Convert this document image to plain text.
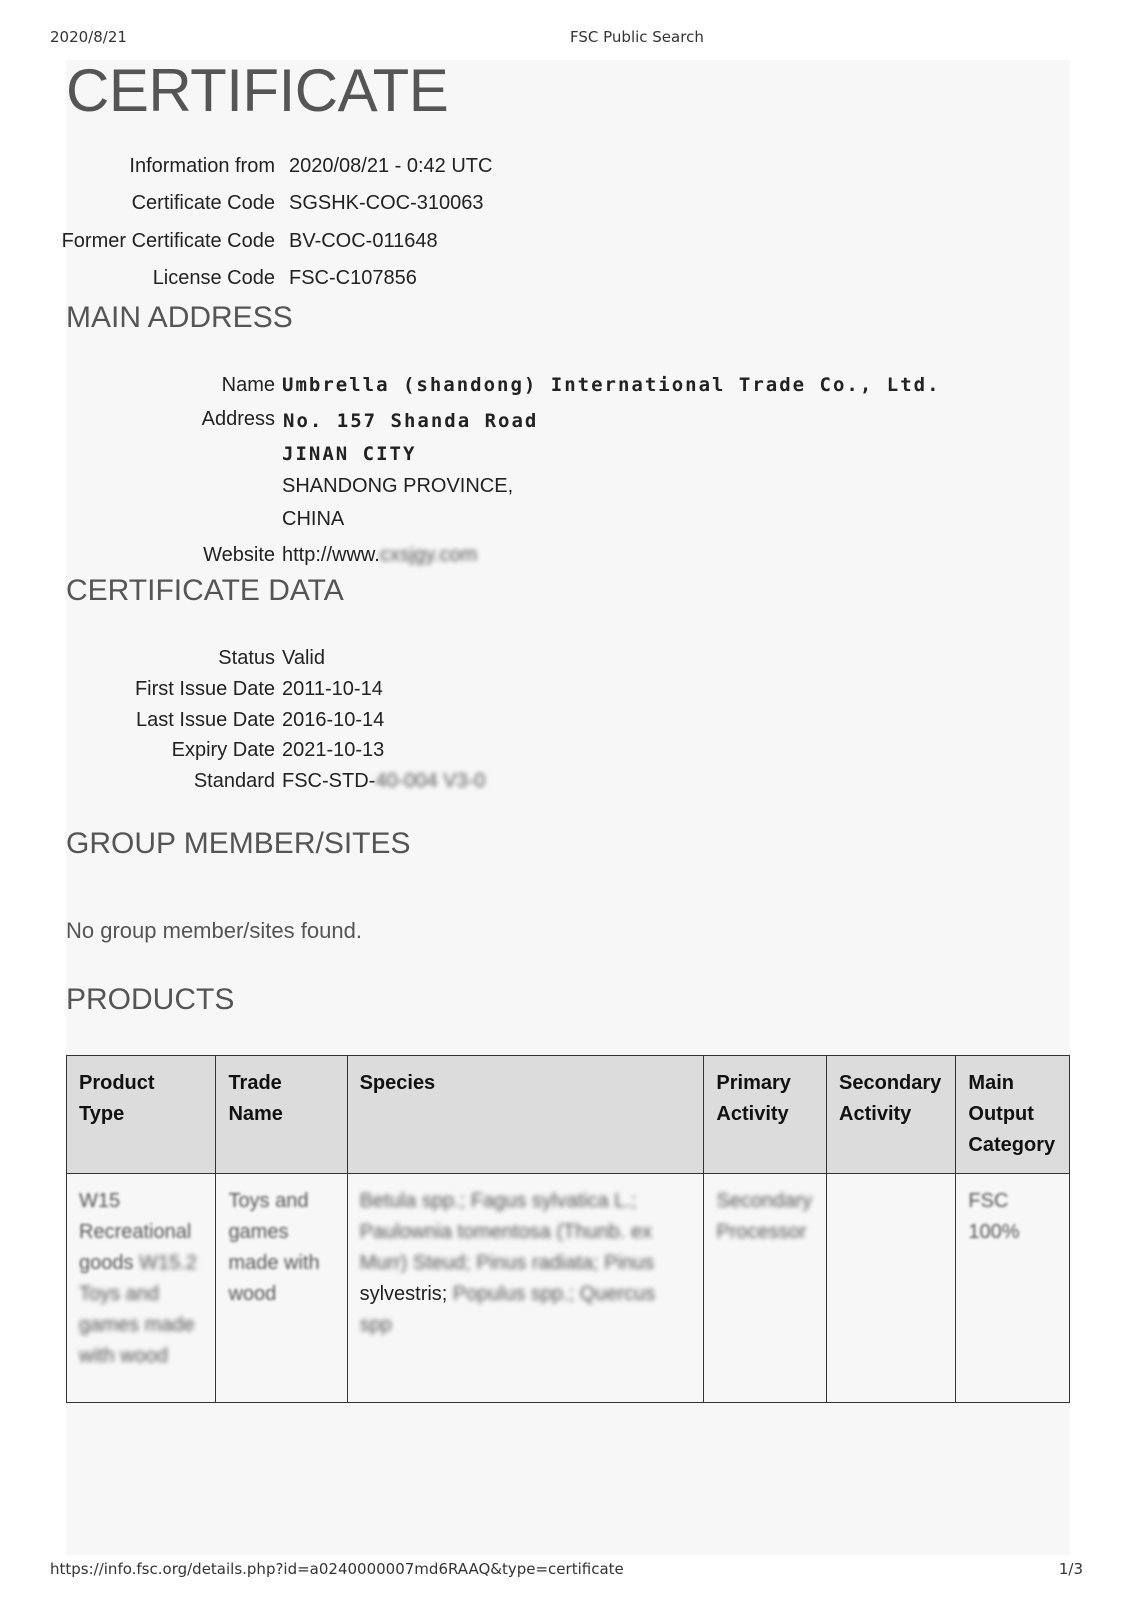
2020/8/21	FSC Public Search
CERTIFICATE
Information from 2020/08/21 - 0:42 UTC
Certificate Code SGSHK-COC-310063
Former Certificate Code BV-COC-011648
License Code FSC-C107856
MAIN ADDRESS
Name Umbrella (shandong) International Trade Co., Ltd.
Address No. 157 Shanda Road
JINAN CITY
SHANDONG PROVINCE,
CHINA
Website http://www.cxsjgy.com
CERTIFICATE DATA
Status Valid
First Issue Date 2011-10-14
Last Issue Date 2016-10-14
Expiry Date 2021-10-13
Standard FSC-STD-40-004 V3-0
GROUP MEMBER/SITES
No group member/sites found.
PRODUCTS
Product Type	Trade Name	Species	Primary Activity	Secondary Activity	Main Output Category
W15 Recreational goods W15.2 Toys and games made with wood	Toys and games made with wood	Betula spp.; Fagus sylvatica L.; Paulownia tomentosa (Thunb. ex Murr) Steud; Pinus radiata; Pinus sylvestris; Populus spp.; Quercus spp	Secondary Processor		FSC 100%
https://info.fsc.org/details.php?id=a0240000007md6RAAQ&type=certificate	1/3
